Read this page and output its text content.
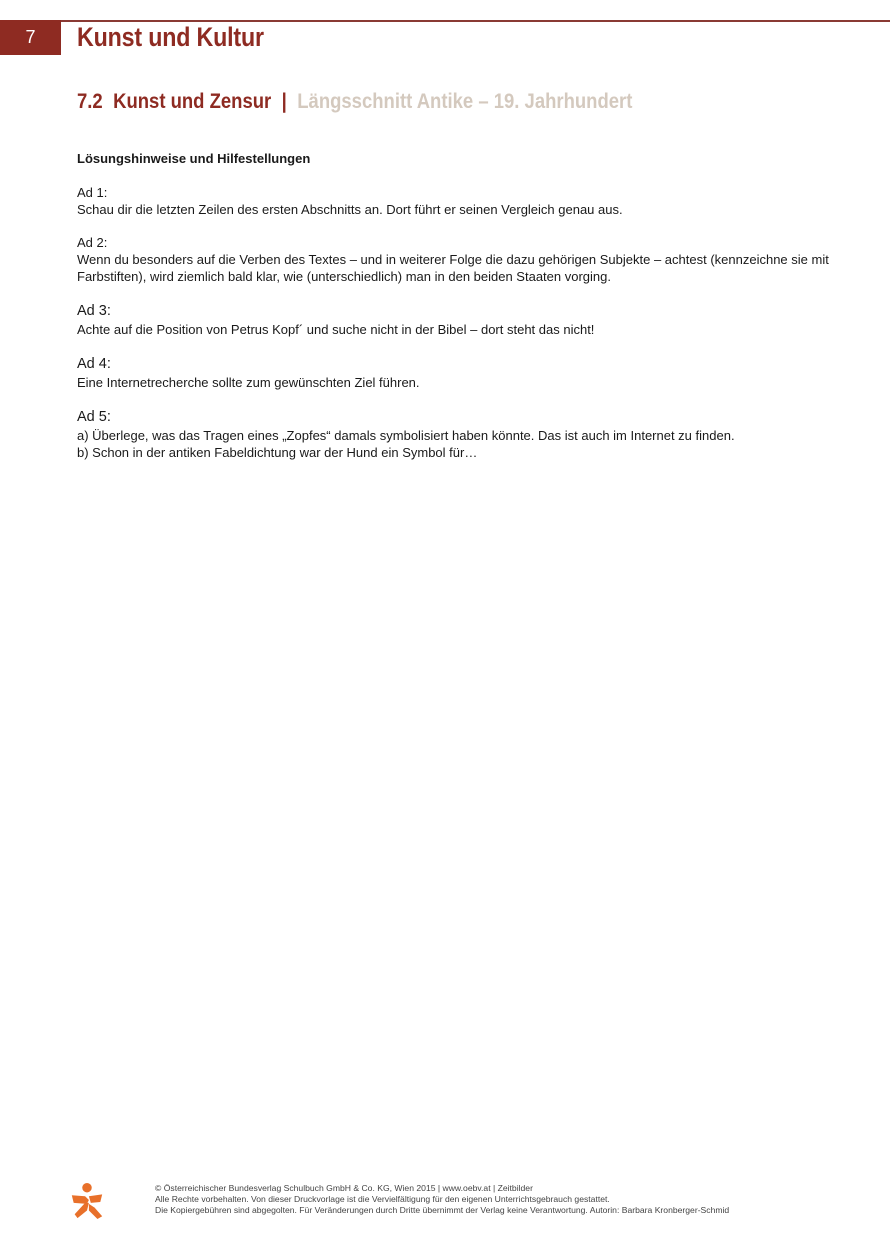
7 Kunst und Kultur
7.2 Kunst und Zensur | Längsschnitt Antike – 19. Jahrhundert

Lösungshinweise und Hilfestellungen

Ad 1:

Schau dir die letzten Zeilen des ersten Abschnitts an. Dort führt er seinen Vergleich genau aus.

Ad 2:

Wenn du besonders auf die Verben des Textes – und in weiterer Folge die dazu gehörigen Subjekte – achtest (kennzeichne sie mit Farbstiften), wird ziemlich bald klar, wie (unterschiedlich) man in den beiden Staaten vorging.

Ad 3:

Achte auf die Position von Petrus Kopf´ und suche nicht in der Bibel – dort steht das nicht!

Ad 4:

Eine Internetrecherche sollte zum gewünschten Ziel führen.

Ad 5:

a) Überlege, was das Tragen eines „Zopfes“ damals symbolisiert haben könnte. Das ist auch im Internet zu finden.

b) Schon in der antiken Fabeldichtung war der Hund ein Symbol für…

© Österreichischer Bundesverlag Schulbuch GmbH & Co. KG, Wien 2015 | www.oebv.at | Zeitbilder
Alle Rechte vorbehalten. Von dieser Druckvorlage ist die Vervielfältigung für den eigenen Unterrichtsgebrauch gestattet.
Die Kopiergebühren sind abgegolten. Für Veränderungen durch Dritte übernimmt der Verlag keine Verantwortung. Autorin: Barbara Kronberger-Schmid
